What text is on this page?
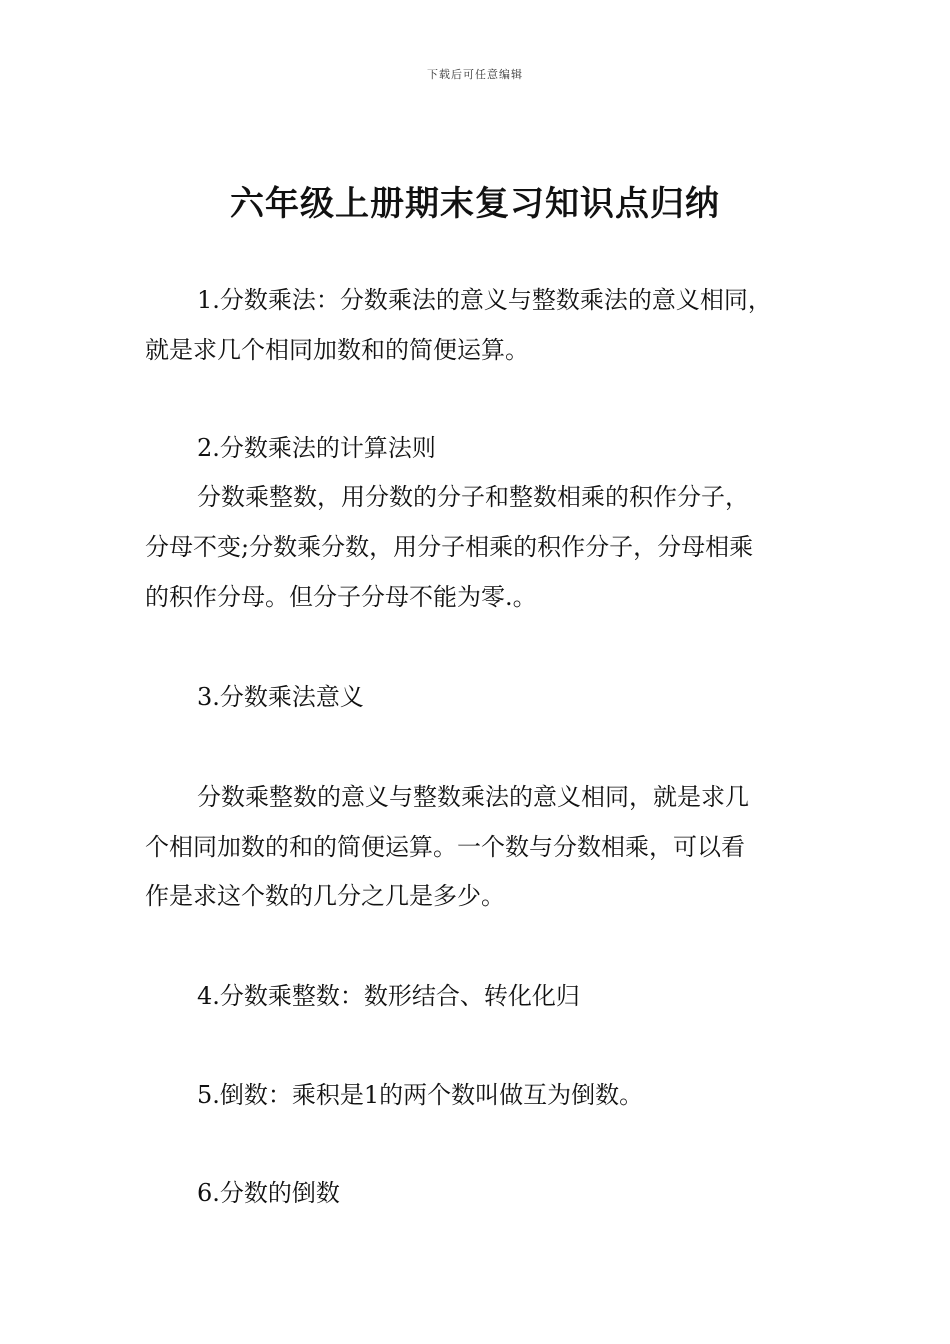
下载后可任意编辑
六年级上册期末复习知识点归纳

1.分数乘法：分数乘法的意义与整数乘法的意义相同，

就是求几个相同加数和的简便运算。

2.分数乘法的计算法则

分数乘整数，用分数的分子和整数相乘的积作分子，

分母不变;分数乘分数，用分子相乘的积作分子，分母相乘

的积作分母。但分子分母不能为零.。

3.分数乘法意义

分数乘整数的意义与整数乘法的意义相同，就是求几

个相同加数的和的简便运算。一个数与分数相乘，可以看

作是求这个数的几分之几是多少。

4.分数乘整数：数形结合、转化化归

5.倒数：乘积是1的两个数叫做互为倒数。

6.分数的倒数
